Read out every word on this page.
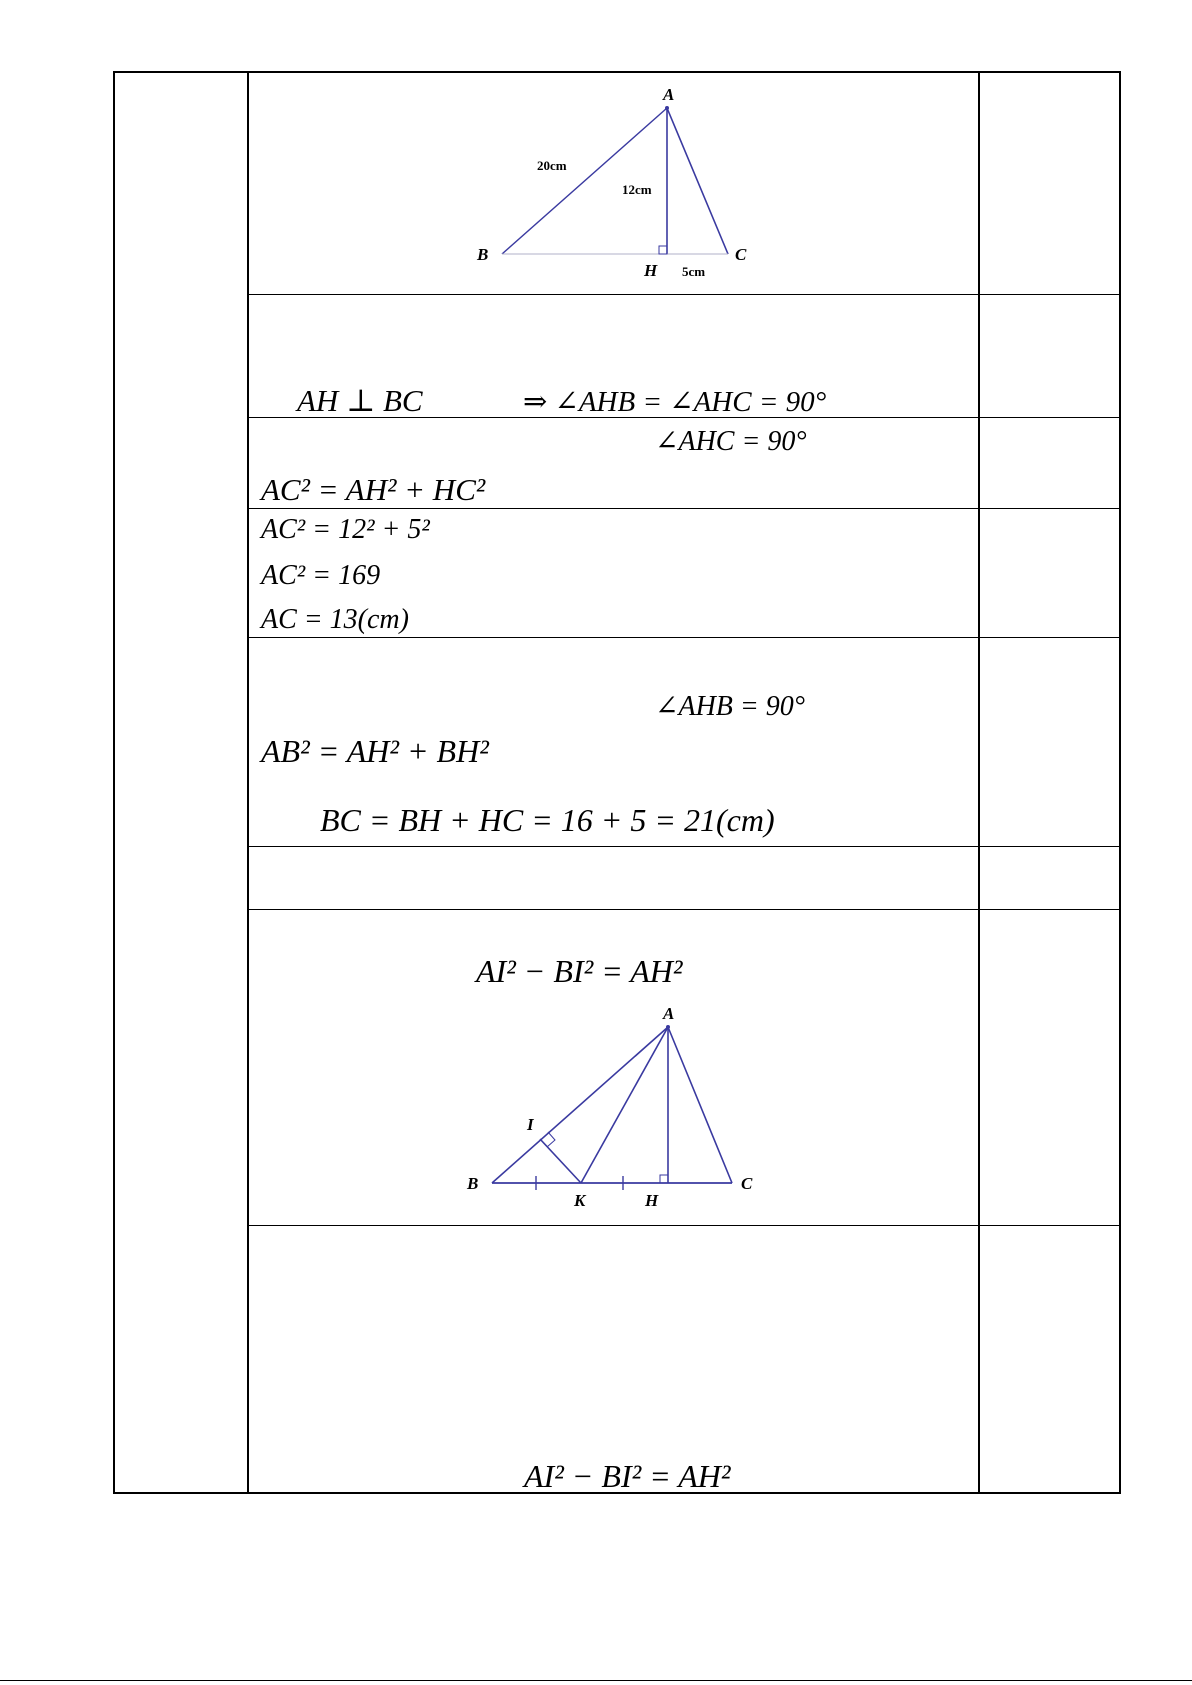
A
B	C
H
20cm
12cm
5cm
AH ⊥ BC	⇒ ∠AHB = ∠AHC = 90°
∠AHC = 90°
AC² = AH² + HC²
AC² = 12² + 5²
AC² = 169
AC = 13(cm)
∠AHB = 90°
AB² = AH² + BH²
BC = BH + HC = 16 + 5 = 21(cm)
AI² − BI² = AH²
A
B	C
H
I
K
AI² − BI² = AH²
